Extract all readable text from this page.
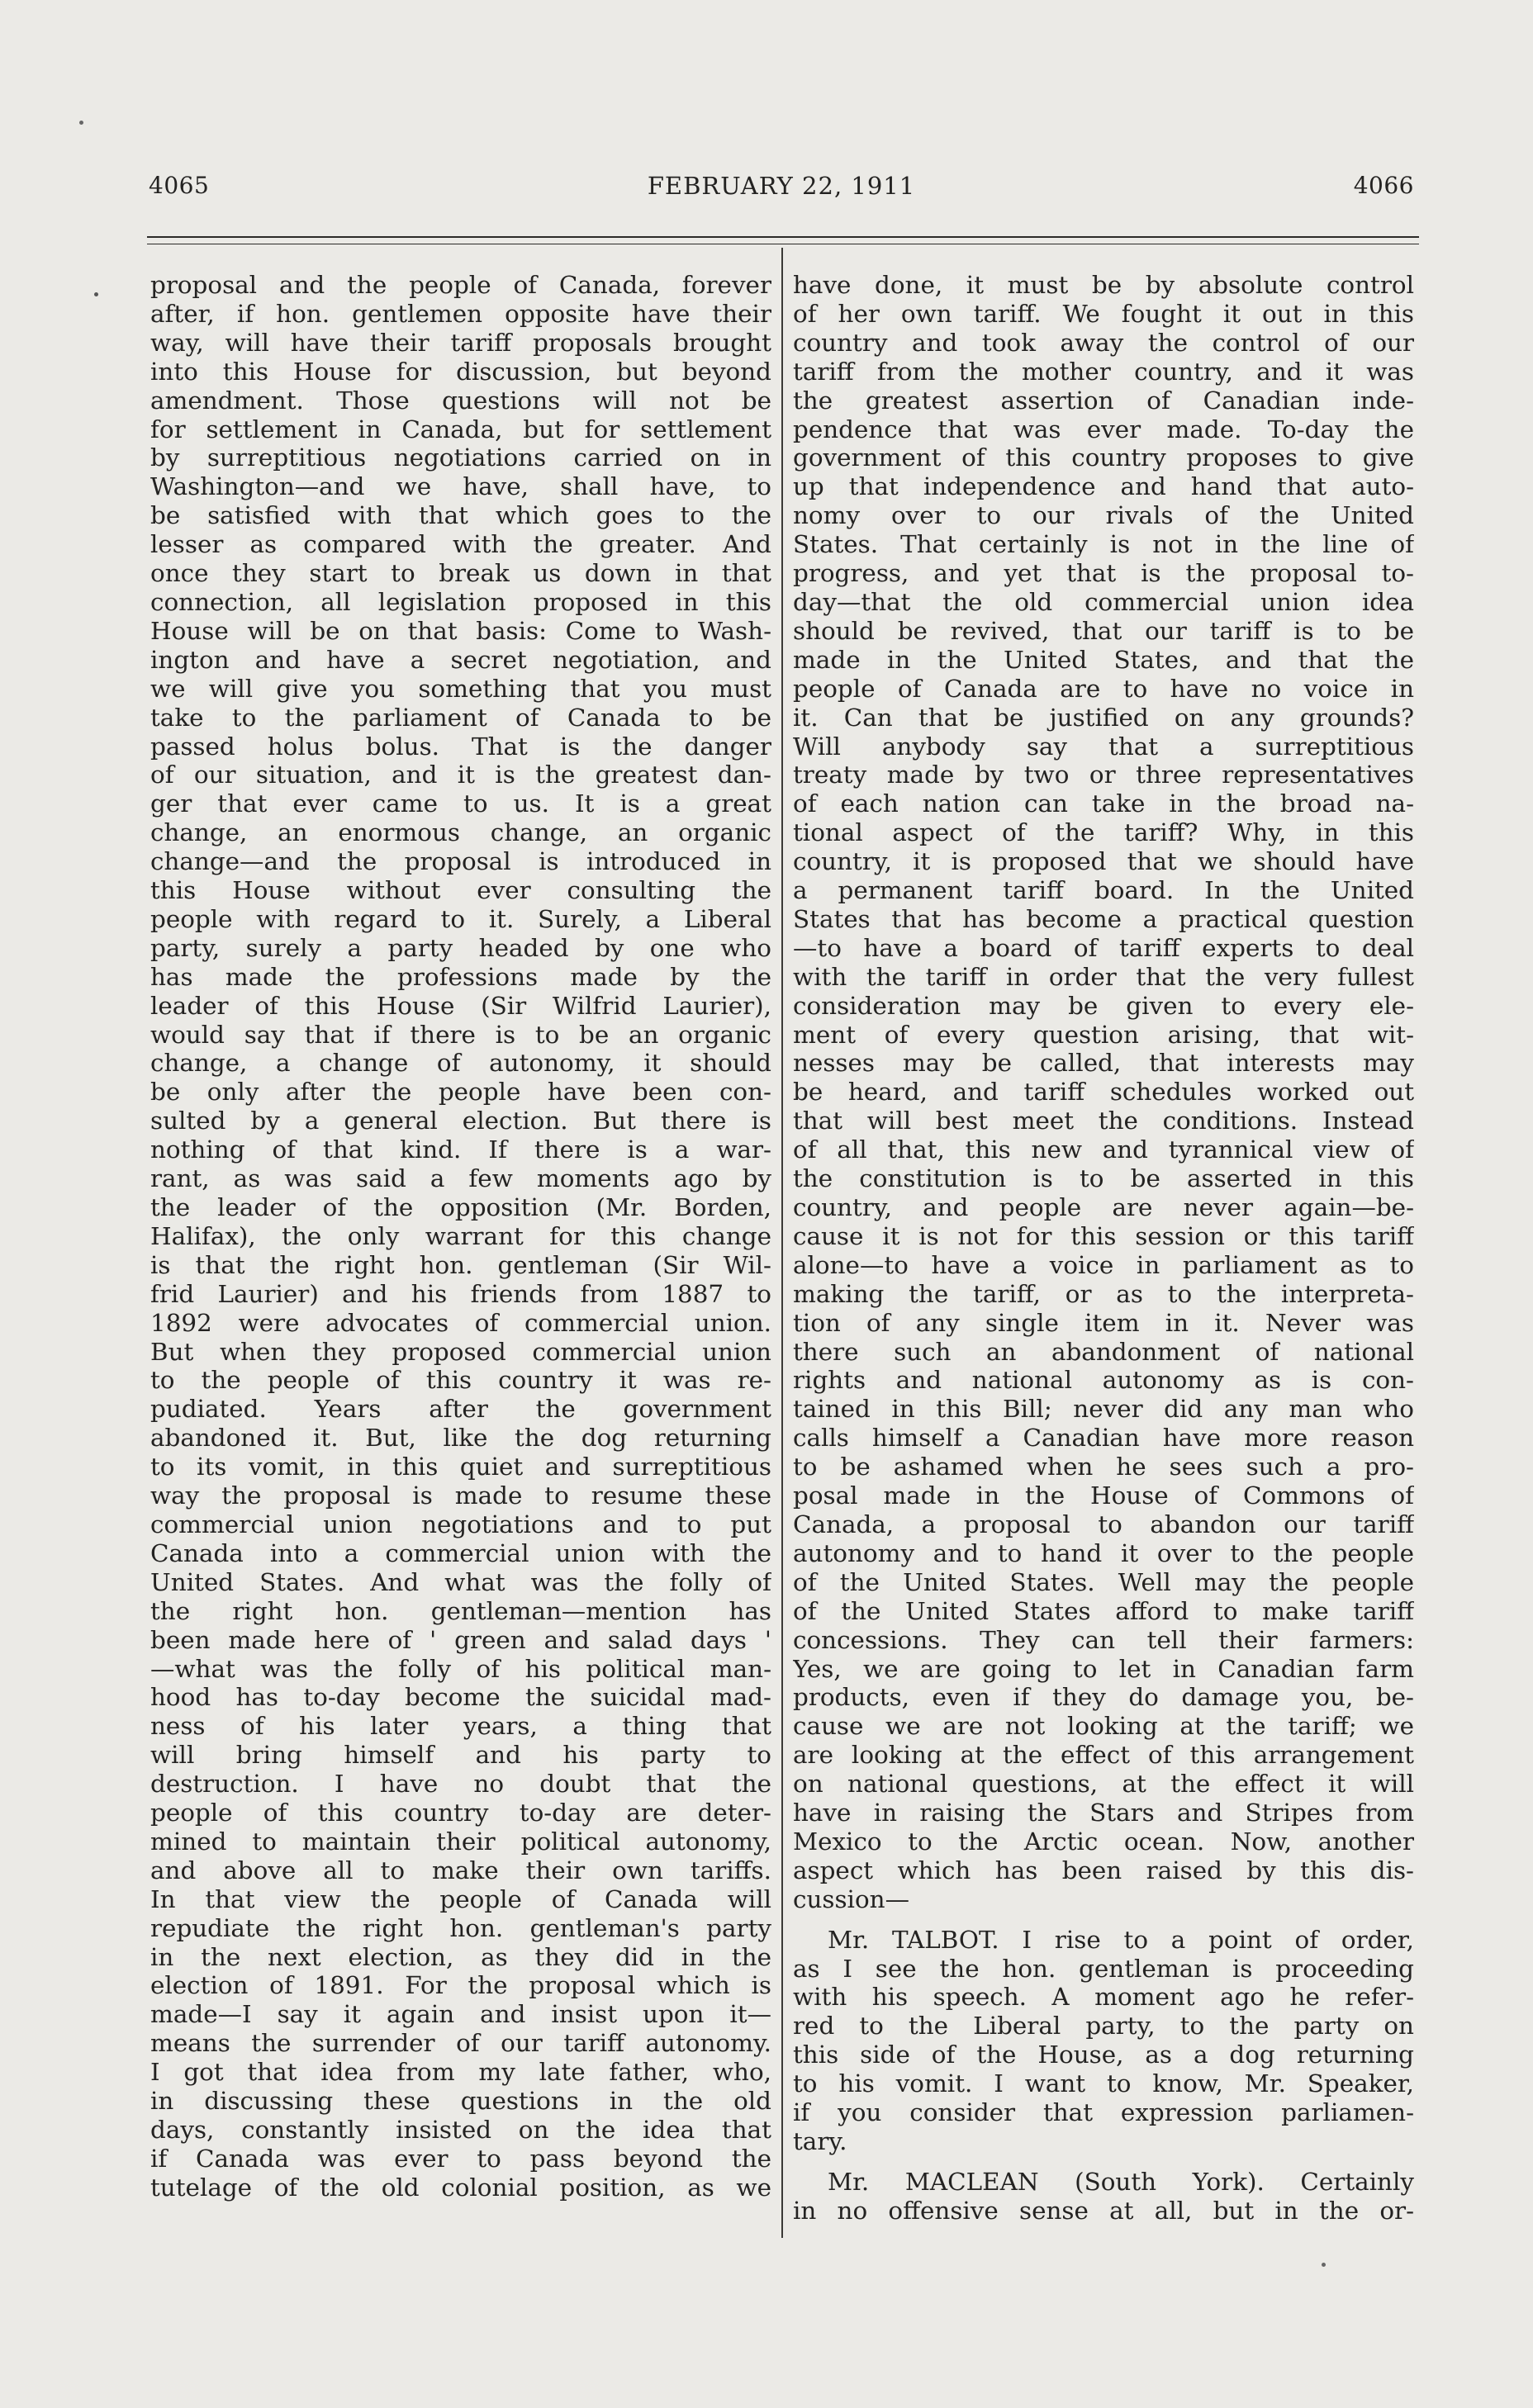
4065	FEBRUARY 22, 1911	4066
proposal and the people of Canada, forever
after, if hon. gentlemen opposite have their
way, will have their tariff proposals brought
into this House for discussion, but beyond
amendment. Those questions will not be
for settlement in Canada, but for settlement
by surreptitious negotiations carried on in
Washington—and we have, shall have, to
be satisfied with that which goes to the
lesser as compared with the greater. And
once they start to break us down in that
connection, all legislation proposed in this
House will be on that basis: Come to Wash-
ington and have a secret negotiation, and
we will give you something that you must
take to the parliament of Canada to be
passed holus bolus. That is the danger
of our situation, and it is the greatest dan-
ger that ever came to us. It is a great
change, an enormous change, an organic
change—and the proposal is introduced in
this House without ever consulting the
people with regard to it. Surely, a Liberal
party, surely a party headed by one who
has made the professions made by the
leader of this House (Sir Wilfrid Laurier),
would say that if there is to be an organic
change, a change of autonomy, it should
be only after the people have been con-
sulted by a general election. But there is
nothing of that kind. If there is a war-
rant, as was said a few moments ago by
the leader of the opposition (Mr. Borden,
Halifax), the only warrant for this change
is that the right hon. gentleman (Sir Wil-
frid Laurier) and his friends from 1887 to
1892 were advocates of commercial union.
But when they proposed commercial union
to the people of this country it was re-
pudiated. Years after the government
abandoned it. But, like the dog returning
to its vomit, in this quiet and surreptitious
way the proposal is made to resume these
commercial union negotiations and to put
Canada into a commercial union with the
United States. And what was the folly of
the right hon. gentleman—mention has
been made here of ' green and salad days '
—what was the folly of his political man-
hood has to-day become the suicidal mad-
ness of his later years, a thing that
will bring himself and his party to
destruction. I have no doubt that the
people of this country to-day are deter-
mined to maintain their political autonomy,
and above all to make their own tariffs.
In that view the people of Canada will
repudiate the right hon. gentleman's party
in the next election, as they did in the
election of 1891. For the proposal which is
made—I say it again and insist upon it—
means the surrender of our tariff autonomy.
I got that idea from my late father, who,
in discussing these questions in the old
days, constantly insisted on the idea that
if Canada was ever to pass beyond the
tutelage of the old colonial position, as we
have done, it must be by absolute control
of her own tariff. We fought it out in this
country and took away the control of our
tariff from the mother country, and it was
the greatest assertion of Canadian inde-
pendence that was ever made. To-day the
government of this country proposes to give
up that independence and hand that auto-
nomy over to our rivals of the United
States. That certainly is not in the line of
progress, and yet that is the proposal to-
day—that the old commercial union idea
should be revived, that our tariff is to be
made in the United States, and that the
people of Canada are to have no voice in
it. Can that be justified on any grounds?
Will anybody say that a surreptitious
treaty made by two or three representatives
of each nation can take in the broad na-
tional aspect of the tariff? Why, in this
country, it is proposed that we should have
a permanent tariff board. In the United
States that has become a practical question
—to have a board of tariff experts to deal
with the tariff in order that the very fullest
consideration may be given to every ele-
ment of every question arising, that wit-
nesses may be called, that interests may
be heard, and tariff schedules worked out
that will best meet the conditions. Instead
of all that, this new and tyrannical view of
the constitution is to be asserted in this
country, and people are never again—be-
cause it is not for this session or this tariff
alone—to have a voice in parliament as to
making the tariff, or as to the interpreta-
tion of any single item in it. Never was
there such an abandonment of national
rights and national autonomy as is con-
tained in this Bill; never did any man who
calls himself a Canadian have more reason
to be ashamed when he sees such a pro-
posal made in the House of Commons of
Canada, a proposal to abandon our tariff
autonomy and to hand it over to the people
of the United States. Well may the people
of the United States afford to make tariff
concessions. They can tell their farmers:
Yes, we are going to let in Canadian farm
products, even if they do damage you, be-
cause we are not looking at the tariff; we
are looking at the effect of this arrangement
on national questions, at the effect it will
have in raising the Stars and Stripes from
Mexico to the Arctic ocean. Now, another
aspect which has been raised by this dis-
cussion—
Mr. TALBOT. I rise to a point of order,
as I see the hon. gentleman is proceeding
with his speech. A moment ago he refer-
red to the Liberal party, to the party on
this side of the House, as a dog returning
to his vomit. I want to know, Mr. Speaker,
if you consider that expression parliamen-
tary.
Mr. MACLEAN (South York). Certainly
in no offensive sense at all, but in the or-
